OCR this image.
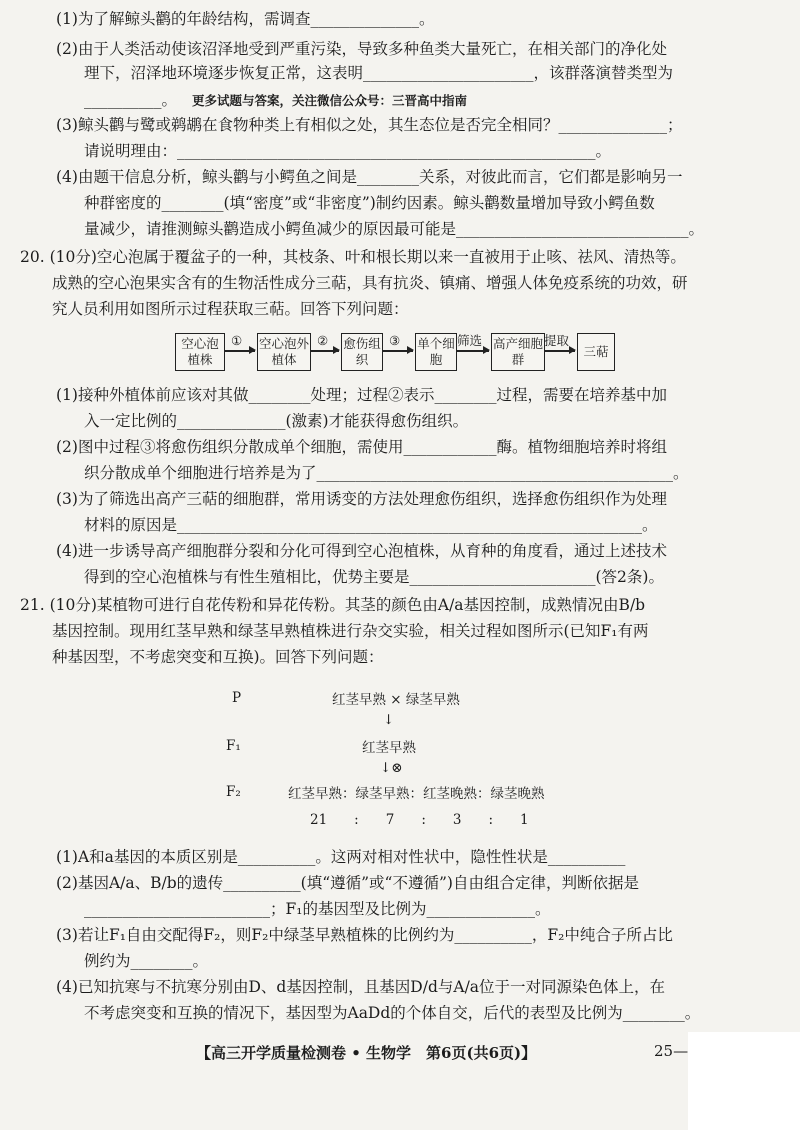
(1)为了解鲸头鹳的年龄结构，需调查______________。
(2)由于人类活动使该沼泽地受到严重污染，导致多种鱼类大量死亡，在相关部门的净化处
理下，沼泽地环境逐步恢复正常，这表明______________________，该群落演替类型为
__________。 更多试题与答案，关注微信公众号：三晋高中指南
(3)鲸头鹳与鹭或鹈鹕在食物种类上有相似之处，其生态位是否完全相同？______________；
请说明理由：______________________________________________________。
(4)由题干信息分析，鲸头鹳与小鳄鱼之间是________关系，对彼此而言，它们都是影响另一
种群密度的________(填“密度”或“非密度”)制约因素。鲸头鹳数量增加导致小鳄鱼数
量减少，请推测鲸头鹳造成小鳄鱼减少的原因最可能是______________________________。
20. (10分)空心泡属于覆盆子的一种，其枝条、叶和根长期以来一直被用于止咳、祛风、清热等。
成熟的空心泡果实含有的生物活性成分三萜，具有抗炎、镇痛、增强人体免疫系统的功效，研
究人员利用如图所示过程获取三萜。回答下列问题：
空心泡植株
① 空心泡外植体
② 愈伤组织
③ 单个细胞
筛选 高产细胞群
提取
三萜
(1)接种外植体前应该对其做________处理；过程②表示________过程，需要在培养基中加
入一定比例的______________(激素)才能获得愈伤组织。
(2)图中过程③将愈伤组织分散成单个细胞，需使用____________酶。植物细胞培养时将组
织分散成单个细胞进行培养是为了______________________________________________。
(3)为了筛选出高产三萜的细胞群，常用诱变的方法处理愈伤组织，选择愈伤组织作为处理
材料的原因是____________________________________________________________。
(4)进一步诱导高产细胞群分裂和分化可得到空心泡植株，从育种的角度看，通过上述技术
得到的空心泡植株与有性生殖相比，优势主要是________________________(答2条)。
21. (10分)某植物可进行自花传粉和异花传粉。其茎的颜色由A/a基因控制，成熟情况由B/b
基因控制。现用红茎早熟和绿茎早熟植株进行杂交实验，相关过程如图所示(已知F₁有两
种基因型，不考虑突变和互换)。回答下列问题：
P	红茎早熟 × 绿茎早熟
↓
F₁	红茎早熟
↓⊗
F₂	红茎早熟：绿茎早熟：红茎晚熟：绿茎晚熟
21　　:　　7　　:　　3　　:　　1
(1)A和a基因的本质区别是__________。这两对相对性状中，隐性性状是__________
(2)基因A/a、B/b的遗传__________(填“遵循”或“不遵循”)自由组合定律，判断依据是
________________________；F₁的基因型及比例为______________。
(3)若让F₁自由交配得F₂，则F₂中绿茎早熟植株的比例约为__________，F₂中纯合子所占比
例约为________。
(4)已知抗寒与不抗寒分别由D、d基因控制，且基因D/d与A/a位于一对同源染色体上，在
不考虑突变和互换的情况下，基因型为AaDd的个体自交，后代的表型及比例为________。
【高三开学质量检测卷 • 生物学　第6页(共6页)】	25—
